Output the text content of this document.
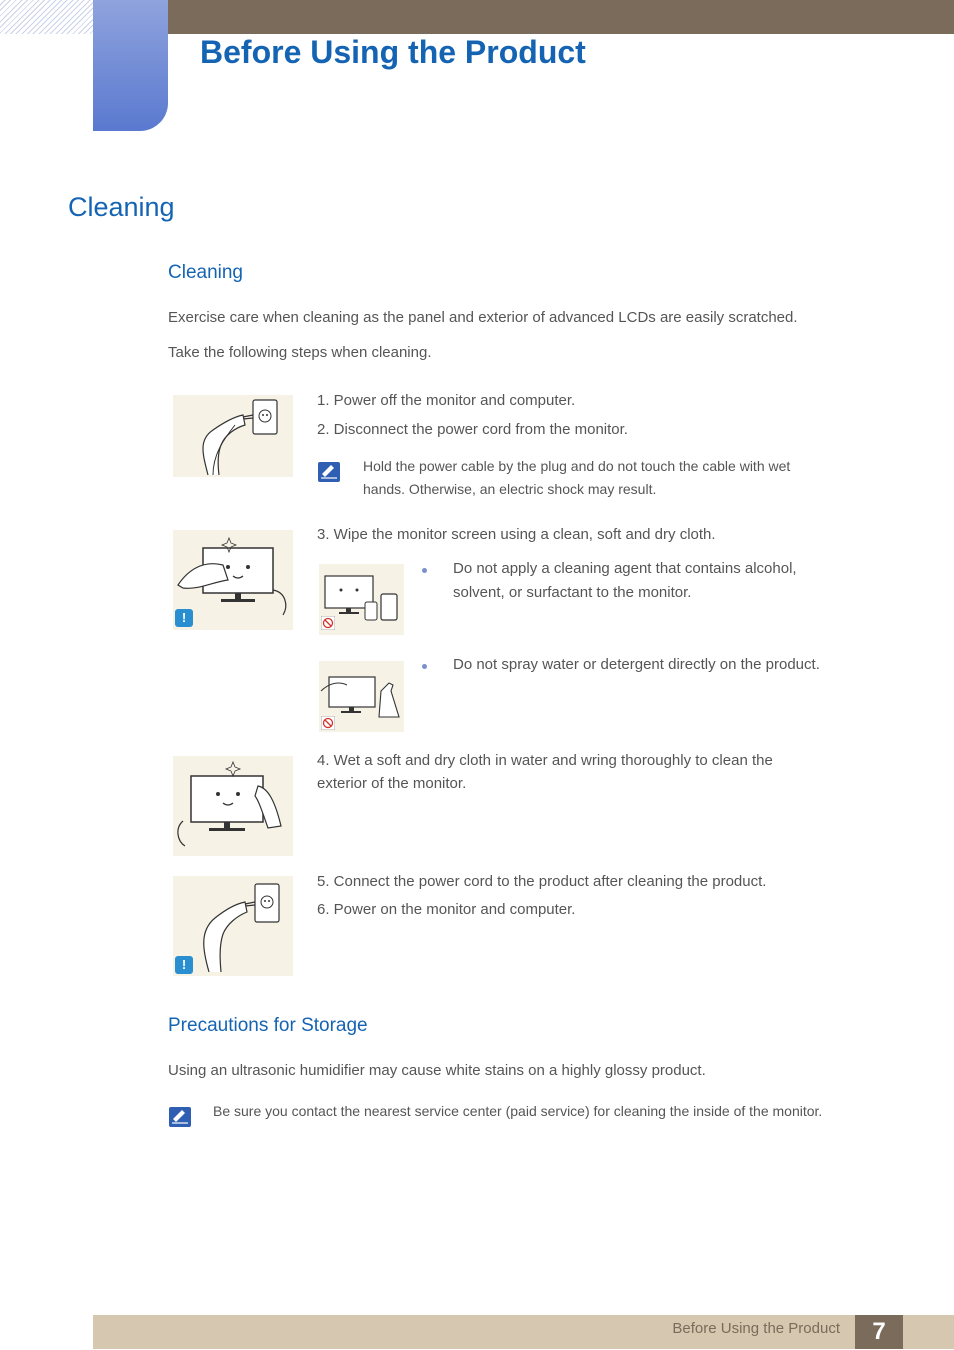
Before Using the Product
Cleaning
Cleaning
Exercise care when cleaning as the panel and exterior of advanced LCDs are easily scratched.
Take the following steps when cleaning.
1. Power off the monitor and computer.
2. Disconnect the power cord from the monitor.
Hold the power cable by the plug and do not touch the cable with wet
hands. Otherwise, an electric shock may result.
!
3. Wipe the monitor screen using a clean, soft and dry cloth.
Do not apply a cleaning agent that contains alcohol,
solvent, or surfactant to the monitor.
Do not spray water or detergent directly on the product.
4. Wet a soft and dry cloth in water and wring thoroughly to clean the
exterior of the monitor.
!
5. Connect the power cord to the product after cleaning the product.
6. Power on the monitor and computer.
Precautions for Storage
Using an ultrasonic humidifier may cause white stains on a highly glossy product.
Be sure you contact the nearest service center (paid service) for cleaning the inside of the monitor.
Before Using the Product	7
